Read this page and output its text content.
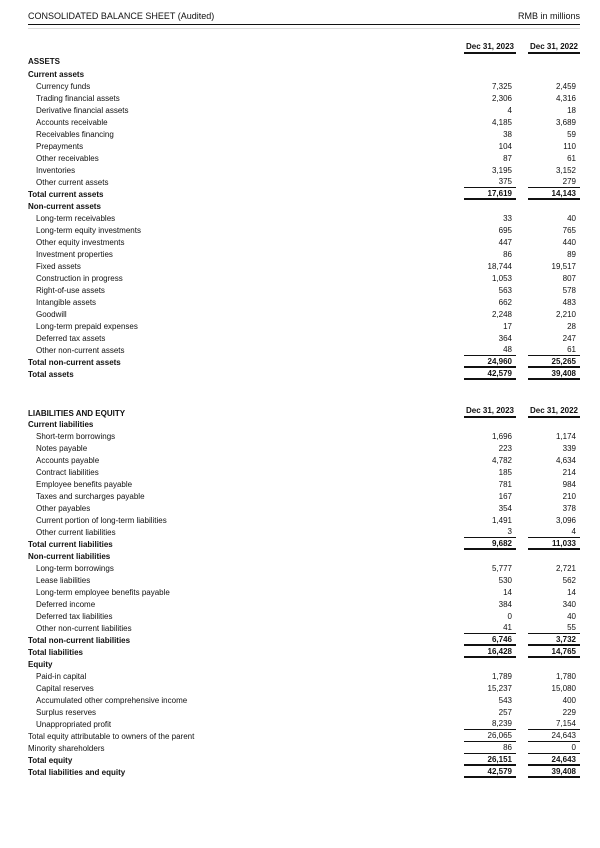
CONSOLIDATED BALANCE SHEET (Audited)	RMB in millions
Dec 31, 2023 Dec 31, 2022
ASSETS
Current assets
Currency funds	7,325	2,459
Trading financial assets	2,306	4,316
Derivative financial assets	4	18
Accounts receivable	4,185	3,689
Receivables financing	38	59
Prepayments	104	110
Other receivables	87	61
Inventories	3,195	3,152
Other current assets	375	279
Total current assets	17,619	14,143
Non-current assets
Long-term receivables	33	40
Long-term equity investments	695	765
Other equity investments	447	440
Investment properties	86	89
Fixed assets	18,744	19,517
Construction in progress	1,053	807
Right-of-use assets	563	578
Intangible assets	662	483
Goodwill	2,248	2,210
Long-term prepaid expenses	17	28
Deferred tax assets	364	247
Other non-current assets	48	61
Total non-current assets	24,960	25,265
Total assets	42,579	39,408
LIABILITIES AND EQUITY	Dec 31, 2023 Dec 31, 2022
Current liabilities
Short-term borrowings	1,696	1,174
Notes payable	223	339
Accounts payable	4,782	4,634
Contract liabilities	185	214
Employee benefits payable	781	984
Taxes and surcharges payable	167	210
Other payables	354	378
Current portion of long-term liabilities	1,491	3,096
Other current liabilities	3	4
Total current liabilities	9,682	11,033
Non-current liabilities
Long-term borrowings	5,777	2,721
Lease liabilities	530	562
Long-term employee benefits payable	14	14
Deferred income	384	340
Deferred tax liabilities	0	40
Other non-current liabilities	41	55
Total non-current liabilities	6,746	3,732
Total liabilities	16,428	14,765
Equity
Paid-in capital	1,789	1,780
Capital reserves	15,237	15,080
Accumulated other comprehensive income	543	400
Surplus reserves	257	229
Unappropriated profit	8,239	7,154
Total equity attributable to owners of the parent	26,065	24,643
Minority shareholders	86	0
Total equity	26,151	24,643
Total liabilities and equity	42,579	39,408
